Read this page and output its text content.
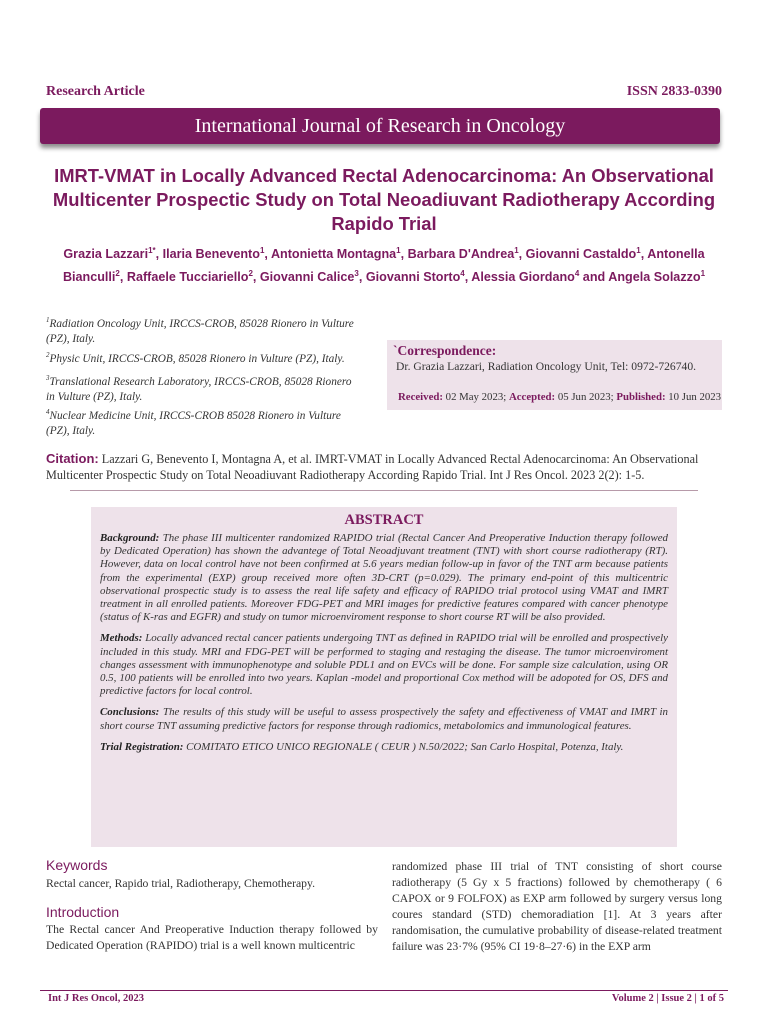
Research Article	ISSN 2833-0390
International Journal of Research in Oncology
IMRT-VMAT in Locally Advanced Rectal Adenocarcinoma: An Observational Multicenter Prospectic Study on Total Neoadiuvant Radiotherapy According Rapido Trial
Grazia Lazzari$^{1*}$, Ilaria Benevento$^1$, Antonietta Montagna$^1$, Barbara D'Andrea$^1$, Giovanni Castaldo$^1$, Antonella Bianculli$^2$, Raffaele Tucciariello$^2$, Giovanni Calice$^3$, Giovanni Storto$^4$, Alessia Giordano$^4$ and Angela Solazzo$^1$
$^1$Radiation Oncology Unit, IRCCS-CROB, 85028 Rionero in Vulture (PZ), Italy.
$^2$Physic Unit, IRCCS-CROB, 85028 Rionero in Vulture (PZ), Italy.
$^3$Translational Research Laboratory, IRCCS-CROB, 85028 Rionero in Vulture (PZ), Italy.
$^4$Nuclear Medicine Unit, IRCCS-CROB 85028 Rionero in Vulture (PZ), Italy.
`Correspondence:
Dr. Grazia Lazzari, Radiation Oncology Unit, Tel: 0972-726740.
Received: 02 May 2023; Accepted: 05 Jun 2023; Published: 10 Jun 2023
Citation: Lazzari G, Benevento I, Montagna A, et al. IMRT-VMAT in Locally Advanced Rectal Adenocarcinoma: An Observational Multicenter Prospectic Study on Total Neoadiuvant Radiotherapy According Rapido Trial. Int J Res Oncol. 2023 2(2): 1-5.
ABSTRACT

Background: The phase III multicenter randomized RAPIDO trial (Rectal Cancer And Preoperative Induction therapy followed by Dedicated Operation) has shown the advantege of Total Neoadjuvant treatment (TNT) with short course radiotherapy (RT). However, data on local control have not been confirmed at 5.6 years median follow-up in favor of the TNT arm because patients from the experimental (EXP) group received more often 3D-CRT (p=0.029). The primary end-point of this multicentric observational prospectic study is to assess the real life safety and efficacy of RAPIDO trial protocol using VMAT and IMRT treatment in all enrolled patients. Moreover FDG-PET and MRI images for predictive features compared with cancer phenotype (status of K-ras and EGFR) and study on tumor microenviroment response to short course RT will be also provided.

Methods: Locally advanced rectal cancer patients undergoing TNT as defined in RAPIDO trial will be enrolled and prospectively included in this study. MRI and FDG-PET will be performed to staging and restaging the disease. The tumor microenviroment changes assessment with immunophenotype and soluble PDL1 and on EVCs will be done. For sample size calculation, using OR 0.5, 100 patients will be enrolled into two years. Kaplan -model and proportional Cox method will be adopoted for OS, DFS and predictive factors for local control.

Conclusions: The results of this study will be useful to assess prospectively the safety and effectiveness of VMAT and IMRT in short course TNT assuming predictive factors for response through radiomics, metabolomics and immunological features.

Trial Registration: COMITATO ETICO UNICO REGIONALE ( CEUR ) N.50/2022; San Carlo Hospital, Potenza, Italy.

Keywords
Rectal cancer, Rapido trial, Radiotherapy, Chemotherapy.
Introduction
The Rectal cancer And Preoperative Induction therapy followed by Dedicated Operation (RAPIDO) trial is a well known multicentric
randomized phase III trial of TNT consisting of short course radiotherapy (5 Gy x 5 fractions) followed by chemotherapy ( 6 CAPOX or 9 FOLFOX) as EXP arm followed by surgery versus long coures standard (STD) chemoradiation [1]. At 3 years after randomisation, the cumulative probability of disease-related treatment failure was 23·7% (95% CI 19·8–27·6) in the EXP arm
Int J Res Oncol, 2023	Volume 2 | Issue 2 | 1 of 5
